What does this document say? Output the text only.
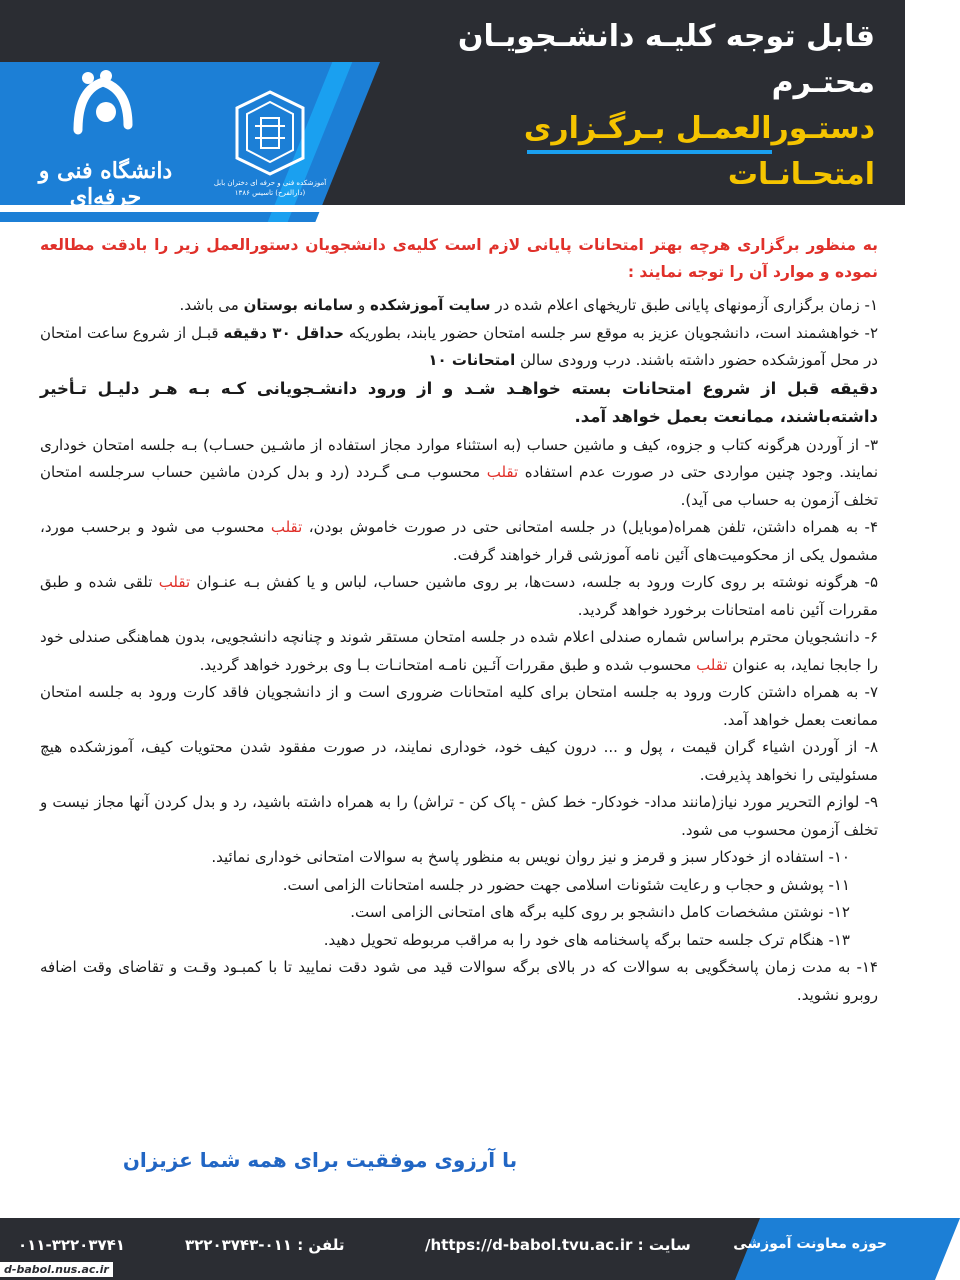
قابل توجه کلیـه دانشـجویـان محتـرم
دستـورالعمـل بـرگـزاری امتحـانـات
نیمسـالدومسـال ۱۴۰۲-۱۴۰۱
دانشگاه فنی و حرفه‌ای
آموزشکده فنی و حرفه ای دختران بابل (دارالفرح) تاسیس ۱۳۸۶
به منظور برگزاری هرچه بهتر امتحانات پایانی لازم است کلیه‌ی دانشجویان دستورالعمل زیر را بادقت مطالعه نموده و موارد آن را توجه نمایند :
۱- زمان برگزاری آزمونهای پایانی طبق تاریخهای اعلام شده در سایت آموزشکده و سامانه بوستان می باشد.
۲- خواهشمند است، دانشجویان عزیز به موقع سر جلسه امتحان حضور یابند، بطوریکه حداقل ۳۰ دقیقه قبـل از شروع ساعت امتحان در محل آموزشکده حضور داشته باشند. درب ورودی سالن امتحانات ۱۰
دقیقه قبل از شروع امتحانات بسته خواهـد شـد و از ورود دانشـجویانی کـه بـه هـر دلیـل تـأخیر داشته‌باشند، ممانعت بعمل خواهد آمد.
۳- از آوردن هرگونه کتاب و جزوه، کیف و ماشین حساب (به استثناء موارد مجاز استفاده از ماشـین حسـاب) بـه جلسه امتحان خوداری نمایند. وجود چنین مواردی حتی در صورت عدم استفاده تقلب محسوب مـی گـردد (رد و بدل کردن ماشین حساب سرجلسه امتحان تخلف آزمون به حساب می آید).
۴- به همراه داشتن، تلفن همراه(موبایل) در جلسه امتحانی حتی در صورت خاموش بودن، تقلب محسوب می شود و برحسب مورد، مشمول یکی از محکومیت‌های آئین نامه آموزشی قرار خواهند گرفت.
۵- هرگونه نوشته بر روی کارت ورود به جلسه، دست‌ها، بر روی ماشین حساب، لباس و یا کفش بـه عنـوان تقلب تلقی شده و طبق مقررات آئین نامه امتحانات برخورد خواهد گردید.
۶- دانشجویان محترم براساس شماره صندلی اعلام شده در جلسه امتحان مستقر شوند و چنانچه دانشجویی، بدون هماهنگی صندلی خود را جابجا نماید، به عنوان تقلب محسوب شده و طبق مقررات آئـین نامـه امتحانـات بـا وی برخورد خواهد گردید.
۷- به همراه داشتن کارت ورود به جلسه امتحان برای کلیه امتحانات ضروری است و از دانشجویان فاقد کارت ورود به جلسه امتحان ممانعت بعمل خواهد آمد.
۸- از آوردن اشیاء گران قیمت ، پول و ... درون کیف خود، خوداری نمایند، در صورت مفقود شدن محتویات کیف، آموزشکده هیچ مسئولیتی را نخواهد پذیرفت.
۹- لوازم التحریر مورد نیاز(مانند مداد- خودکار- خط کش - پاک کن - تراش) را به همراه داشته باشید، رد و بدل کردن آنها مجاز نیست و تخلف آزمون محسوب می شود.
۱۰- استفاده از خودکار سبز و قرمز و نیز روان نویس به منظور پاسخ به سوالات امتحانی خوداری نمائید.
۱۱- پوشش و حجاب و رعایت شئونات اسلامی جهت حضور در جلسه امتحانات الزامی است.
۱۲- نوشتن مشخصات کامل دانشجو بر روی کلیه برگه های امتحانی الزامی است.
۱۳- هنگام ترک جلسه حتما برگه پاسخنامه های خود را به مراقب مربوطه تحویل دهید.
۱۴- به مدت زمان پاسخگویی به سوالات که در بالای برگه سوالات قید می شود دقت نمایید تا با کمبـود وقـت و تقاضای وقت اضافه روبرو نشوید.
با آرزوی موفقیت برای همه شما عزیزان
حوزه معاونت آموزشی
سایت : https://d-babol.tvu.ac.ir/
تلفن : ۰۱۱-۳۲۲۰۳۷۴۳
۰۱۱-۳۲۲۰۳۷۴۱
d-babol.nus.ac.ir
